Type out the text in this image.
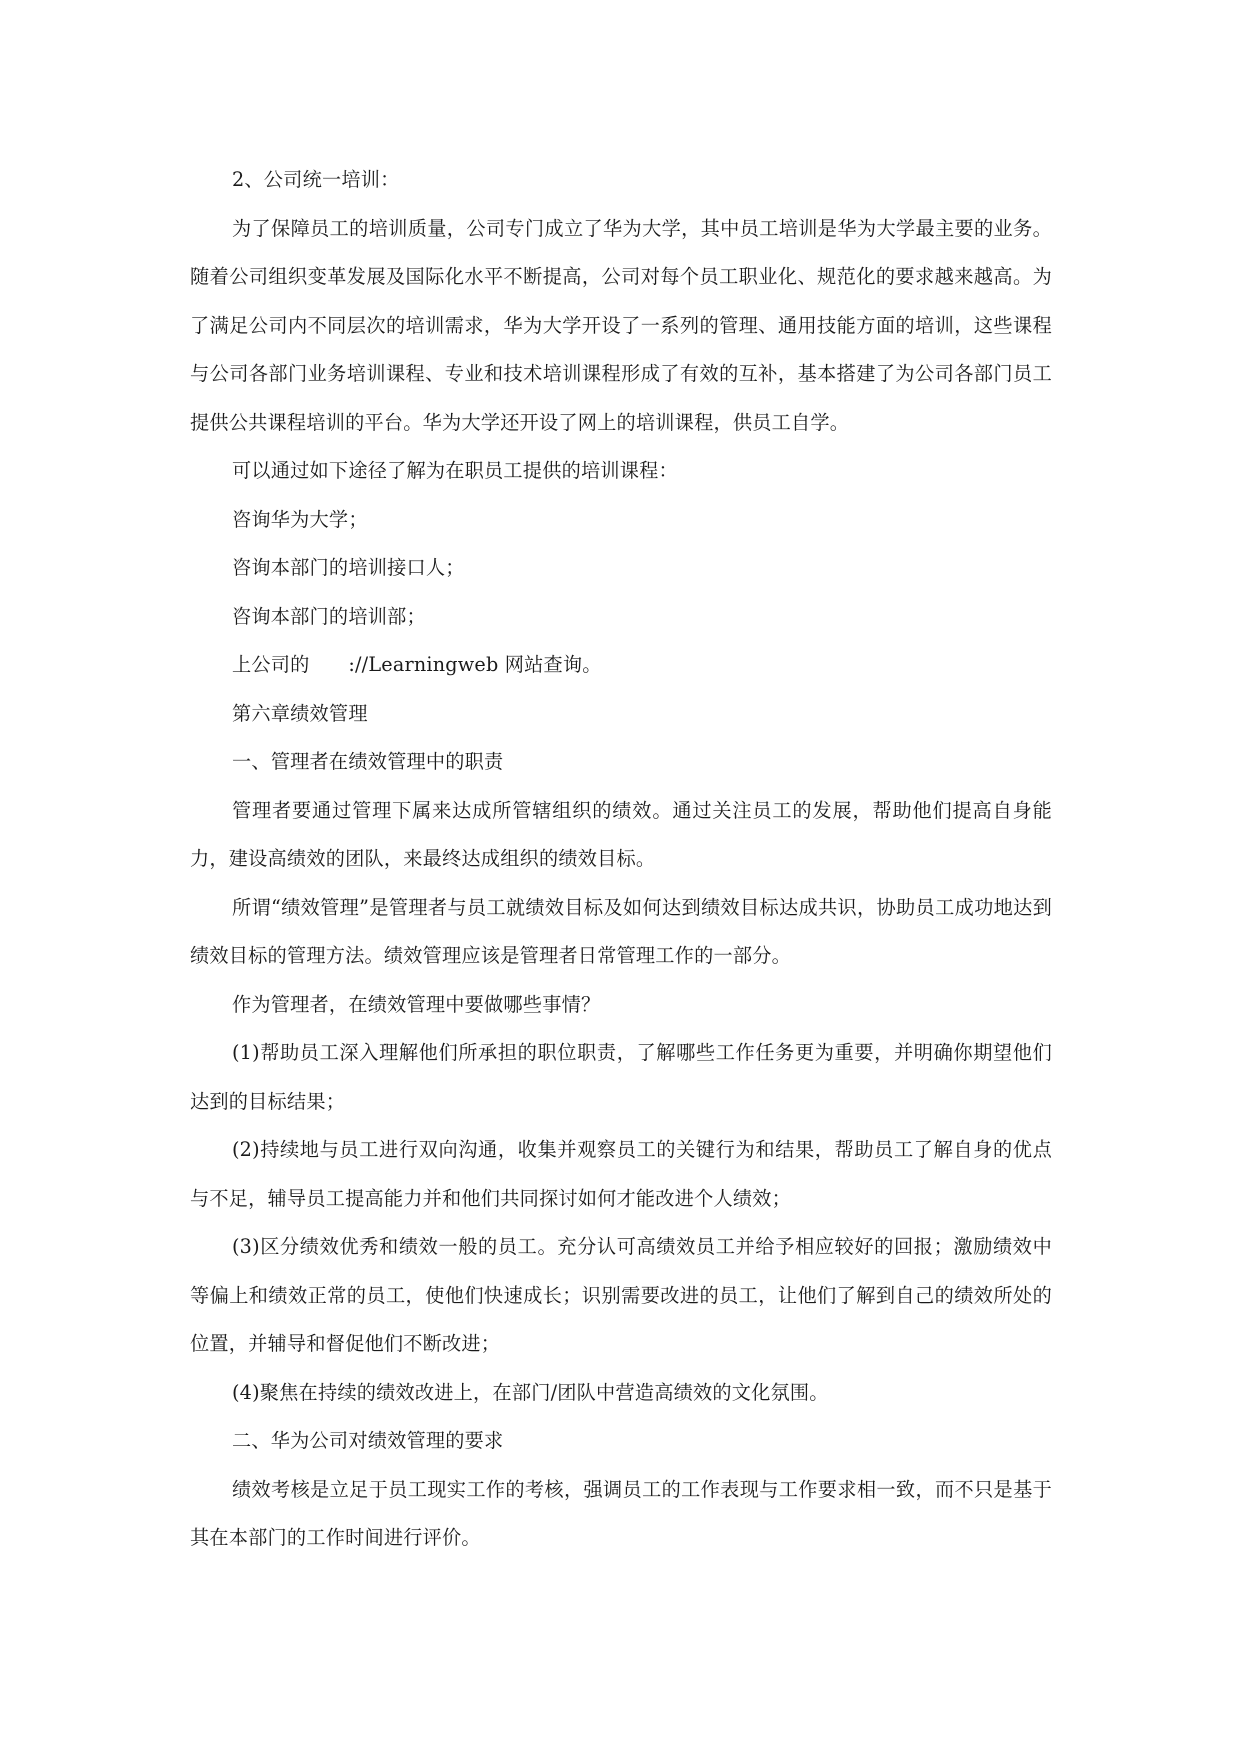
2、公司统一培训：

为了保障员工的培训质量，公司专门成立了华为大学，其中员工培训是华为大学最主要的业务。随着公司组织变革发展及国际化水平不断提高，公司对每个员工职业化、规范化的要求越来越高。为了满足公司内不同层次的培训需求，华为大学开设了一系列的管理、通用技能方面的培训，这些课程与公司各部门业务培训课程、专业和技术培训课程形成了有效的互补，基本搭建了为公司各部门员工提供公共课程培训的平台。华为大学还开设了网上的培训课程，供员工自学。

可以通过如下途径了解为在职员工提供的培训课程：

咨询华为大学；

咨询本部门的培训接口人；

咨询本部门的培训部；

上公司的　　://Learningweb 网站查询。

第六章绩效管理

一、管理者在绩效管理中的职责

管理者要通过管理下属来达成所管辖组织的绩效。通过关注员工的发展，帮助他们提高自身能力，建设高绩效的团队，来最终达成组织的绩效目标。

所谓“绩效管理”是管理者与员工就绩效目标及如何达到绩效目标达成共识，协助员工成功地达到绩效目标的管理方法。绩效管理应该是管理者日常管理工作的一部分。

作为管理者，在绩效管理中要做哪些事情？

(1)帮助员工深入理解他们所承担的职位职责，了解哪些工作任务更为重要，并明确你期望他们达到的目标结果；

(2)持续地与员工进行双向沟通，收集并观察员工的关键行为和结果，帮助员工了解自身的优点与不足，辅导员工提高能力并和他们共同探讨如何才能改进个人绩效；

(3)区分绩效优秀和绩效一般的员工。充分认可高绩效员工并给予相应较好的回报；激励绩效中等偏上和绩效正常的员工，使他们快速成长；识别需要改进的员工，让他们了解到自己的绩效所处的位置，并辅导和督促他们不断改进；

(4)聚焦在持续的绩效改进上，在部门/团队中营造高绩效的文化氛围。

二、华为公司对绩效管理的要求

绩效考核是立足于员工现实工作的考核，强调员工的工作表现与工作要求相一致，而不只是基于其在本部门的工作时间进行评价。
